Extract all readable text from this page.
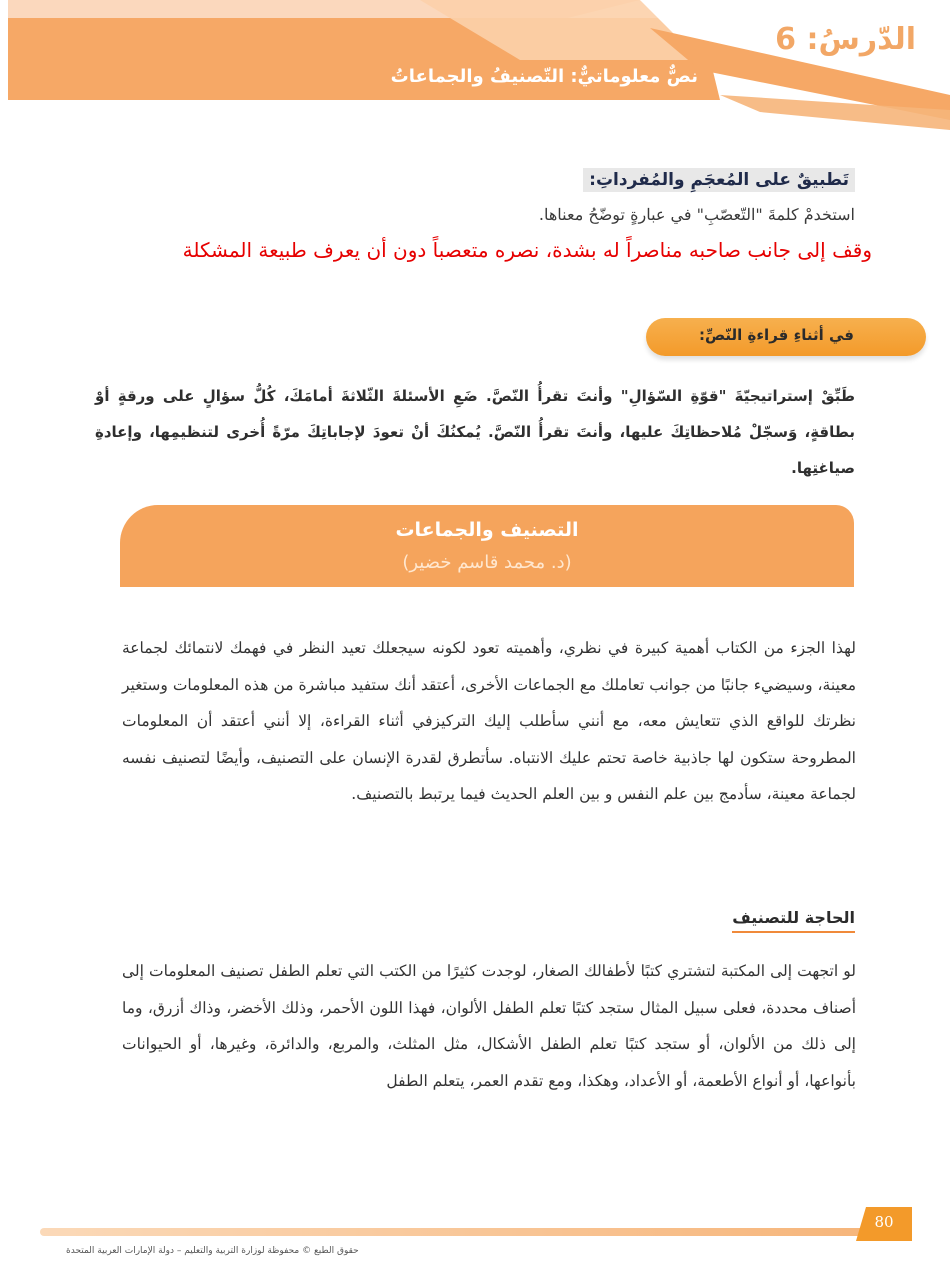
الدّرسُ: 6
نصٌّ معلوماتيٌّ: التّصنيفُ والجماعاتُ
تَطبيقٌ على المُعجَمِ والمُفرداتِ:
استخدمْ كلمةَ "التّعصّبِ" في عبارةٍ توضّحُ معناها.
وقف إلى جانب صاحبه مناصراً له بشدة، نصره متعصباً دون أن يعرف طبيعة المشكلة
في أثناءِ قراءةِ النّصِّ:
طَبِّقْ إستراتيجيّةَ "قوّةِ السّؤالِ" وأنتَ تقرأُ النّصَّ. ضَعِ الأسئلةَ الثّلاثةَ أمامَكَ، كُلُّ سؤالٍ على ورقةٍ أوْ بطاقةٍ، وَسجّلْ مُلاحظاتِكَ عليها، وأنتَ تقرأُ النّصَّ. يُمكنُكَ أنْ تعودَ لإجاباتِكَ مرّةً أُخرى لتنظيمِها، وإعادةِ صياغتِها.
التصنيف والجماعات
(د. محمد قاسم خضير)
لهذا الجزء من الكتاب أهمية كبيرة في نظري، وأهميته تعود لكونه سيجعلك تعيد النظر في فهمك لانتمائك لجماعة معينة، وسيضيء جانبًا من جوانب تعاملك مع الجماعات الأخرى، أعتقد أنك ستفيد مباشرة من هذه المعلومات وستغير نظرتك للواقع الذي تتعايش معه، مع أنني سأطلب إليك التركيزفي أثناء القراءة، إلا أنني أعتقد أن المعلومات المطروحة ستكون لها جاذبية خاصة تحتم عليك الانتباه. سأتطرق لقدرة الإنسان على التصنيف، وأيضًا لتصنيف نفسه لجماعة معينة، سأدمج بين علم النفس و بين العلم الحديث فيما يرتبط بالتصنيف.
الحاجة للتصنيف
لو اتجهت إلى المكتبة لتشتري كتبًا لأطفالك الصغار، لوجدت كثيرًا من الكتب التي تعلم الطفل تصنيف المعلومات إلى أصناف محددة، فعلى سبيل المثال ستجد كتبًا تعلم الطفل الألوان، فهذا اللون الأحمر، وذلك الأخضر، وذاك أزرق، وما إلى ذلك من الألوان، أو ستجد كتبًا تعلم الطفل الأشكال، مثل المثلث، والمربع، والدائرة، وغيرها، أو الحيوانات بأنواعها، أو أنواع الأطعمة، أو الأعداد، وهكذا، ومع تقدم العمر، يتعلم الطفل
80
حقوق الطبع © محفوظة لوزارة التربية والتعليم – دولة الإمارات العربية المتحدة
